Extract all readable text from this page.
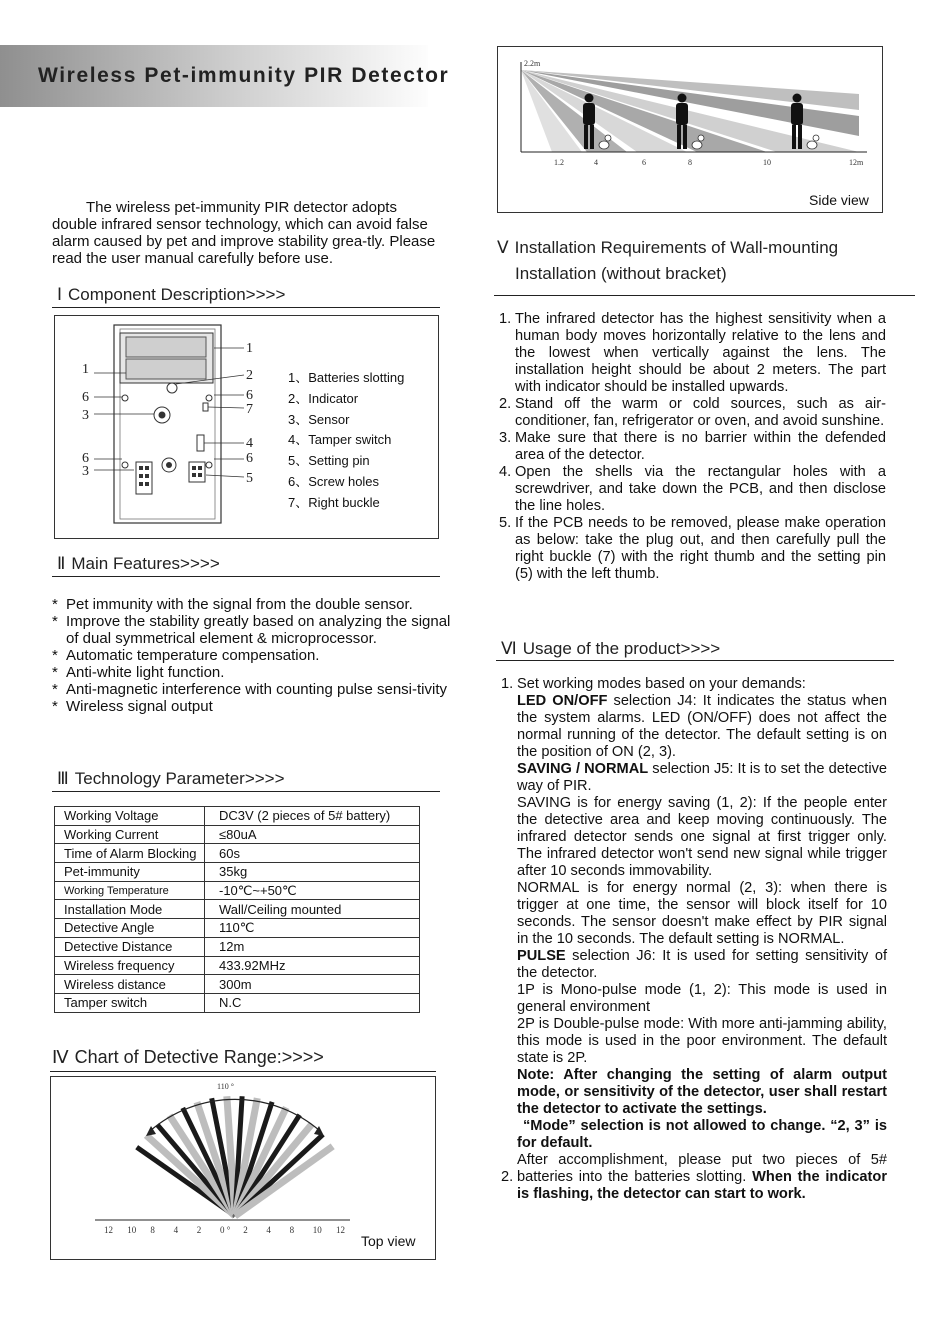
Wireless Pet-immunity PIR Detector

The wireless pet-immunity PIR detector adopts double infrared sensor technology, which can avoid false alarm caused by pet and improve stability grea-tly. Please read the user manual carefully before use.

Ⅰ Component Description>>>>
1
6
3
6
3
1
2
6
7
4
6
5
1、Batteries slotting
2、Indicator
3、Sensor
4、Tamper switch
5、Setting pin
6、Screw holes
7、Right buckle
Ⅱ Main Features>>>>
* Pet immunity with the signal from the double sensor.
* Improve the stability greatly based on analyzing the signal of dual symmetrical element & microprocessor.
* Automatic temperature compensation.
* Anti-white light function.
* Anti-magnetic interference with counting pulse sensi-tivity
* Wireless signal output
Ⅲ Technology Parameter>>>>
Working Voltage	DC3V (2 pieces of 5# battery)
Working Current	≤80uA
Time of Alarm Blocking	60s
Pet-immunity	35kg
Working Temperature	-10℃~+50℃
Installation Mode	Wall/Ceiling mounted
Detective Angle	110℃
Detective Distance	12m
Wireless frequency	433.92MHz
Wireless distance	300m
Tamper switch	N.C
Ⅳ Chart of Detective Range:>>>>
110 °
12 10 8 4 2 0 ° 2 4 8 10 12
Top view
2.2m
1.2	4	6	8	10	12m
Side view
Ⅴ Installation Requirements of Wall-mounting
Installation (without bracket)
1. The infrared detector has the highest sensitivity when a human body moves horizontally relative to the lens and the lowest when vertically against the lens. The installation height should be about 2 meters. The part with indicator should be installed upwards.
2. Stand off the warm or cold sources, such as air-conditioner, fan, refrigerator or oven, and avoid sunshine.
3. Make sure that there is no barrier within the defended area of the detector.
4. Open the shells via the rectangular holes with a screwdriver, and take down the PCB, and then disclose the line holes.
5. If the PCB needs to be removed, please make operation as below: take the plug out, and then carefully pull the right buckle (7) with the right thumb and the setting pin (5) with the left thumb.
Ⅵ Usage of the product>>>>
1. Set working modes based on your demands:

LED ON/OFF selection J4: It indicates the status when the system alarms. LED (ON/OFF) does not affect the normal running of the detector. The default setting is on the position of ON (2, 3).

SAVING / NORMAL selection J5: It is to set the detective way of PIR.

SAVING is for energy saving (1, 2): If the people enter the detective area and keep moving continuously. The infrared detector sends one signal at first trigger only. The infrared detector won't send new signal while trigger after 10 seconds immovability.

NORMAL is for energy normal (2, 3): when there is trigger at one time, the sensor will block itself for 10 seconds. The sensor doesn't make effect by PIR signal in the 10 seconds. The default setting is NORMAL.

PULSE selection J6: It is used for setting sensitivity of the detector.

1P is Mono-pulse mode (1, 2): This mode is used in general environment

2P is Double-pulse mode: With more anti-jamming ability, this mode is used in the poor environment. The default state is 2P.

Note: After changing the setting of alarm output mode, or sensitivity of the detector, user shall restart the detector to activate the settings.

“Mode” selection is not allowed to change. “2, 3” is for default.

2.

After accomplishment, please put two pieces of 5# batteries into the batteries slotting. When the indicator is flashing, the detector can start to work.
